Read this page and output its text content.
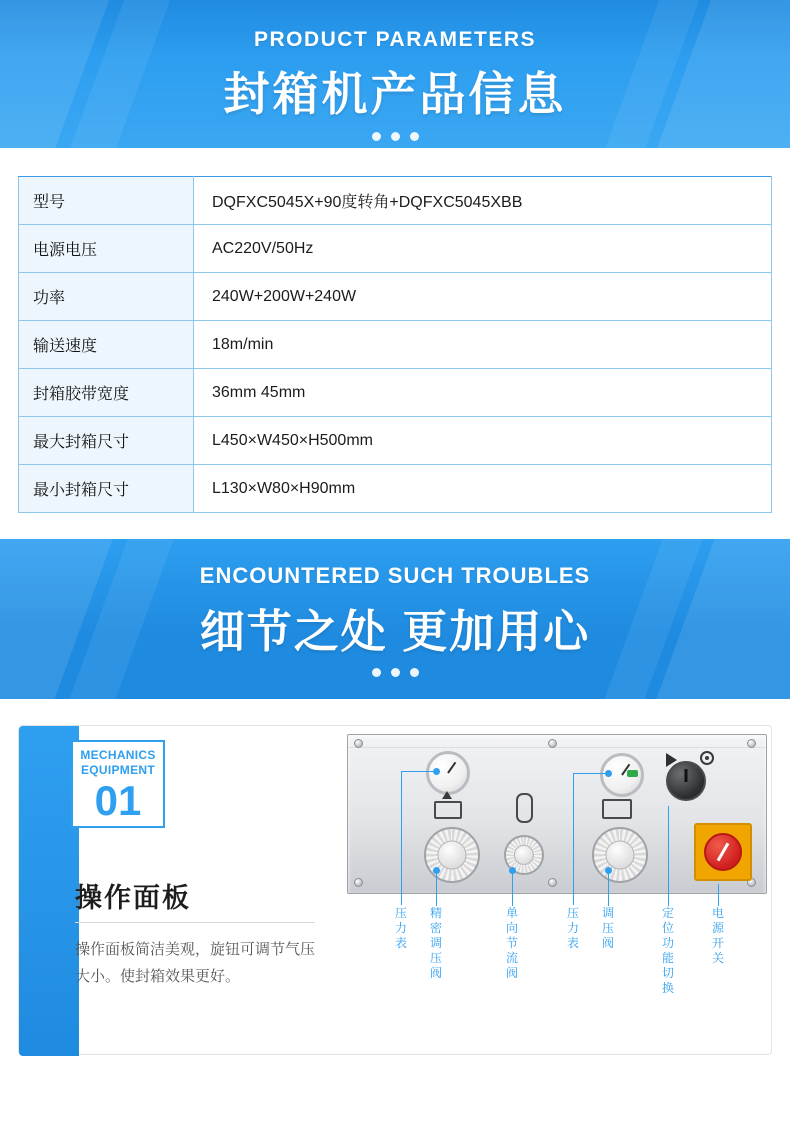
PRODUCT PARAMETERS
封箱机产品信息
型号	DQFXC5045X+90度转角+DQFXC5045XBB
电源电压	AC220V/50Hz
功率	240W+200W+240W
输送速度	18m/min
封箱胶带宽度	36mm 45mm
最大封箱尺寸	L450×W450×H500mm
最小封箱尺寸	L130×W80×H90mm
ENCOUNTERED SUCH TROUBLES
细节之处 更加用心
MECHANICS
EQUIPMENT
01
操作面板
操作面板简洁美观，旋钮可调节气压大小。使封箱效果更好。
压力表
精密调压阀
单向节流阀
压力表
调压阀
定位功能切换
电源开关
